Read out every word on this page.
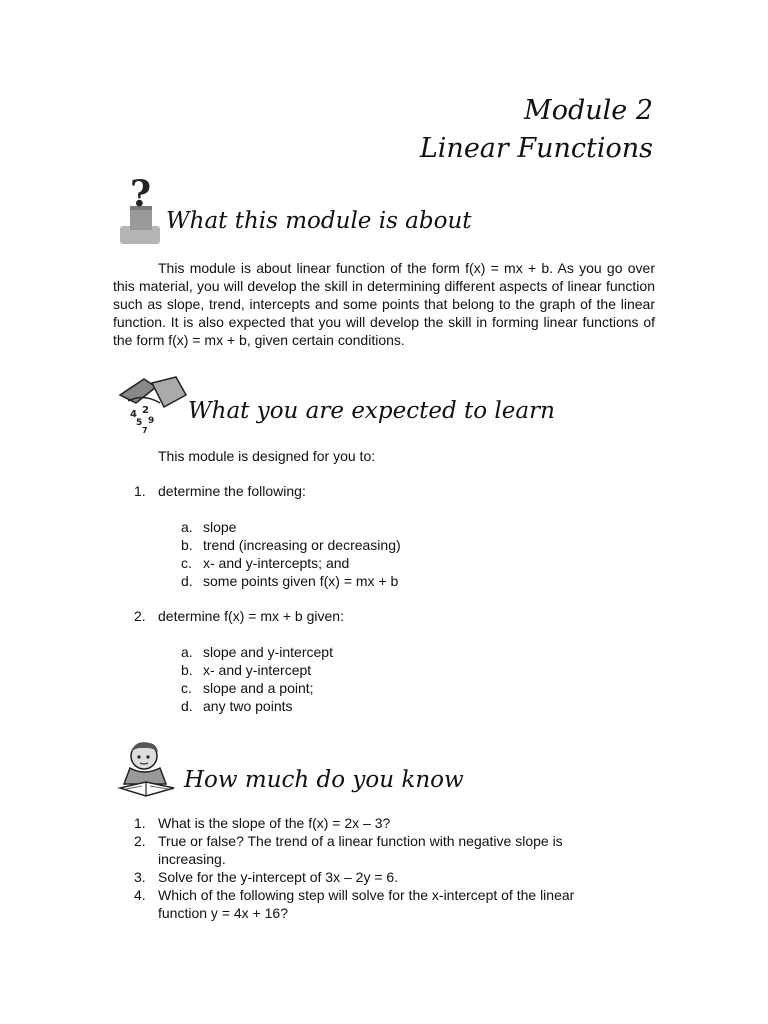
Module 2
Linear Functions
?
What this module is about
This module is about linear function of the form f(x) = mx + b. As you go over this material, you will develop the skill in determining different aspects of linear function such as slope, trend, intercepts and some points that belong to the graph of the linear function. It is also expected that you will develop the skill in forming linear functions of the form f(x) = mx + b, given certain conditions.
4 2
5 9
7
What you are expected to learn
This module is designed for you to:
1. determine the following:
a. slope
b. trend (increasing or decreasing)
c. x- and y-intercepts; and
d. some points given f(x) = mx + b
2. determine f(x) = mx + b given:
a. slope and y-intercept
b. x- and y-intercept
c. slope and a point;
d. any two points
How much do you know
1. What is the slope of the f(x) = 2x – 3?
2. True or false? The trend of a linear function with negative slope is
increasing.
3. Solve for the y-intercept of 3x – 2y = 6.
4. Which of the following step will solve for the x-intercept of the linear
function y = 4x + 16?
